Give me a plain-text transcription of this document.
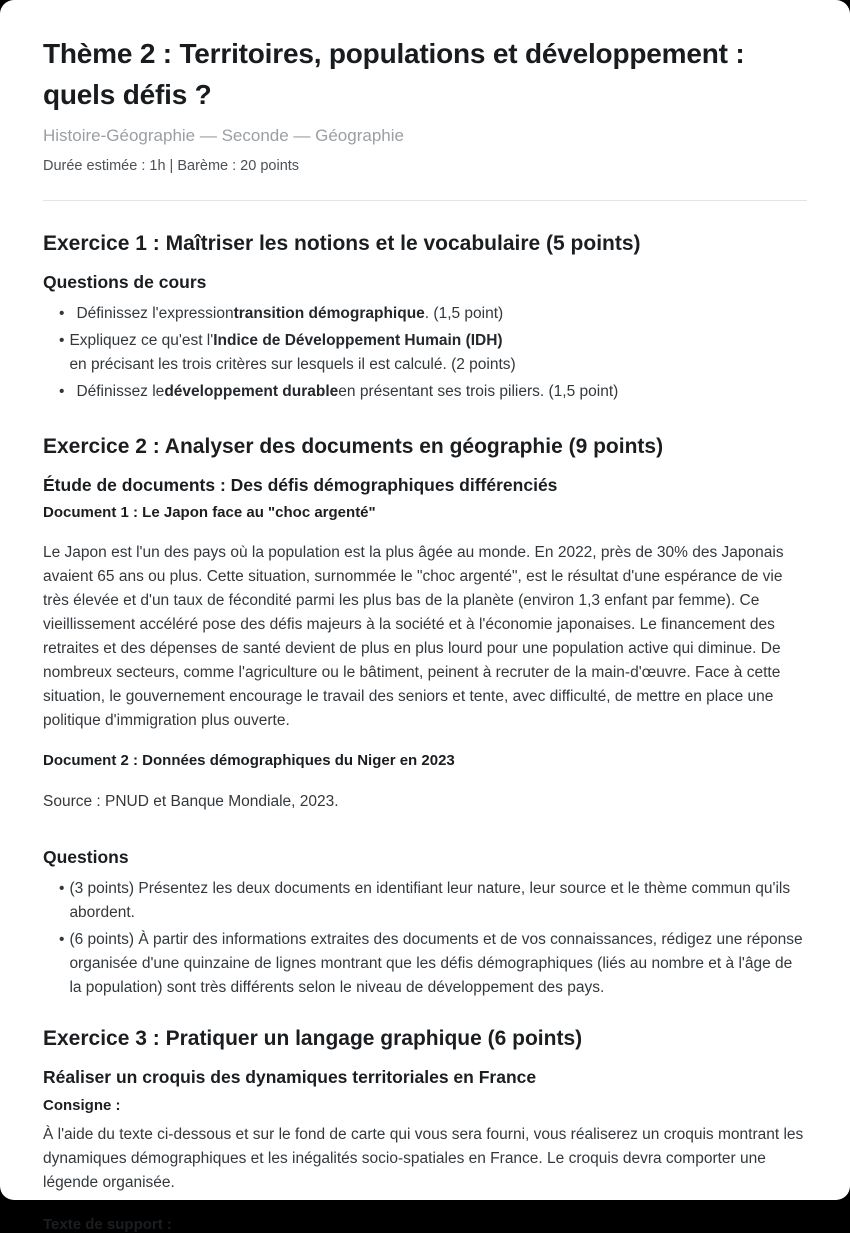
Thème 2 : Territoires, populations et développement : quels défis ?

Histoire-Géographie — Seconde — Géographie

Durée estimée : 1h | Barème : 20 points

Exercice 1 : Maîtriser les notions et le vocabulaire (5 points)
Questions de cours
• Définissez l'expressiontransition démographique. (1,5 point)
• Expliquez ce qu'est l'Indice de Développement Humain (IDH)
en précisant les trois critères sur lesquels il est calculé. (2 points)
• Définissez ledéveloppement durableen présentant ses trois piliers. (1,5 point)
Exercice 2 : Analyser des documents en géographie (9 points)
Étude de documents : Des défis démographiques différenciés
Document 1 : Le Japon face au "choc argenté"

Le Japon est l'un des pays où la population est la plus âgée au monde. En 2022, près de 30% des Japonais avaient 65 ans ou plus. Cette situation, surnommée le "choc argenté", est le résultat d'une espérance de vie très élevée et d'un taux de fécondité parmi les plus bas de la planète (environ 1,3 enfant par femme). Ce vieillissement accéléré pose des défis majeurs à la société et à l'économie japonaises. Le financement des retraites et des dépenses de santé devient de plus en plus lourd pour une population active qui diminue. De nombreux secteurs, comme l'agriculture ou le bâtiment, peinent à recruter de la main-d'œuvre. Face à cette situation, le gouvernement encourage le travail des seniors et tente, avec difficulté, de mettre en place une politique d'immigration plus ouverte.

Document 2 : Données démographiques du Niger en 2023

Source : PNUD et Banque Mondiale, 2023.

Questions
• (3 points) Présentez les deux documents en identifiant leur nature, leur source et le thème commun qu'ils abordent.
• (6 points) À partir des informations extraites des documents et de vos connaissances, rédigez une réponse organisée d'une quinzaine de lignes montrant que les défis démographiques (liés au nombre et à l'âge de la population) sont très différents selon le niveau de développement des pays.
Exercice 3 : Pratiquer un langage graphique (6 points)
Réaliser un croquis des dynamiques territoriales en France
Consigne :

À l'aide du texte ci-dessous et sur le fond de carte qui vous sera fourni, vous réaliserez un croquis montrant les dynamiques démographiques et les inégalités socio-spatiales en France. Le croquis devra comporter une légende organisée.

Texte de support :
